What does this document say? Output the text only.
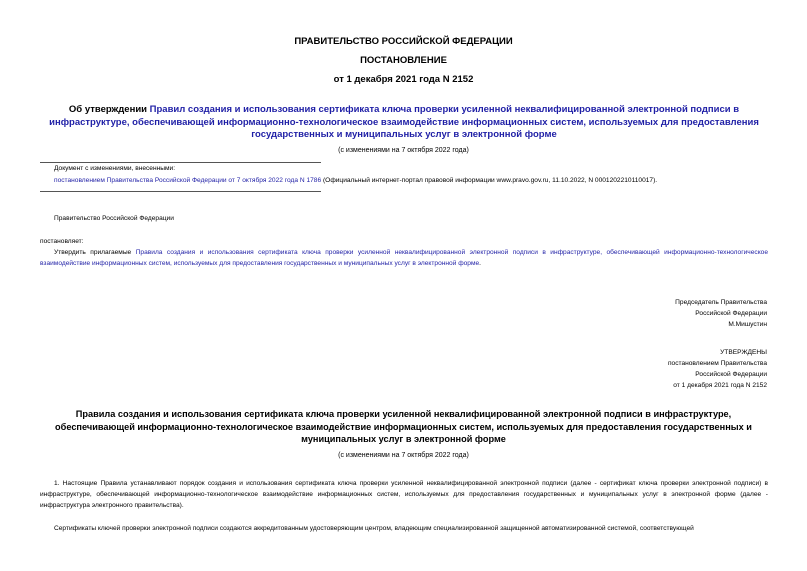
ПРАВИТЕЛЬСТВО РОССИЙСКОЙ ФЕДЕРАЦИИ
ПОСТАНОВЛЕНИЕ
от 1 декабря 2021 года N 2152
Об утверждении Правил создания и использования сертификата ключа проверки усиленной неквалифицированной электронной подписи в инфраструктуре, обеспечивающей информационно-технологическое взаимодействие информационных систем, используемых для предоставления государственных и муниципальных услуг в электронной форме
(с изменениями на 7 октября 2022 года)
Документ с изменениями, внесенными:
постановлением Правительства Российской Федерации от 7 октября 2022 года N 1786 (Официальный интернет-портал правовой информации www.pravo.gov.ru, 11.10.2022, N 0001202210110017).
Правительство Российской Федерации
постановляет:
Утвердить прилагаемые Правила создания и использования сертификата ключа проверки усиленной неквалифицированной электронной подписи в инфраструктуре, обеспечивающей информационно-технологическое взаимодействие информационных систем, используемых для предоставления государственных и муниципальных услуг в электронной форме.
Председатель Правительства
Российской Федерации
М.Мишустин
УТВЕРЖДЕНЫ
постановлением Правительства
Российской Федерации
от 1 декабря 2021 года N 2152
Правила создания и использования сертификата ключа проверки усиленной неквалифицированной электронной подписи в инфраструктуре, обеспечивающей информационно-технологическое взаимодействие информационных систем, используемых для предоставления государственных и муниципальных услуг в электронной форме
(с изменениями на 7 октября 2022 года)
1. Настоящие Правила устанавливают порядок создания и использования сертификата ключа проверки усиленной неквалифицированной электронной подписи (далее - сертификат ключа проверки электронной подписи) в инфраструктуре, обеспечивающей информационно-технологическое взаимодействие информационных систем, используемых для предоставления государственных и муниципальных услуг в электронной форме (далее - инфраструктура электронного правительства).
Сертификаты ключей проверки электронной подписи создаются аккредитованным удостоверяющим центром, владеющим специализированной защищенной автоматизированной системой, соответствующей
